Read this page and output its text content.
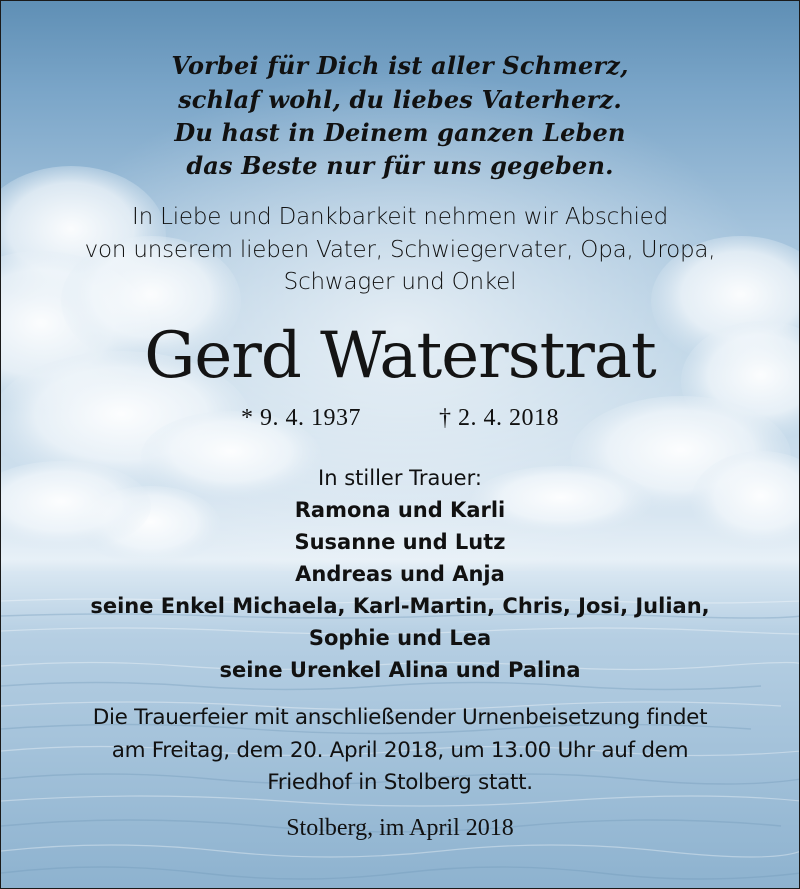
Vorbei für Dich ist aller Schmerz,
schlaf wohl, du liebes Vaterherz.
Du hast in Deinem ganzen Leben
das Beste nur für uns gegeben.
In Liebe und Dankbarkeit nehmen wir Abschied
von unserem lieben Vater, Schwiegervater, Opa, Uropa,
Schwager und Onkel
Gerd Waterstrat
* 9. 4. 1937	† 2. 4. 2018
In stiller Trauer:
Ramona und Karli
Susanne und Lutz
Andreas und Anja
seine Enkel Michaela, Karl-Martin, Chris, Josi, Julian,
Sophie und Lea
seine Urenkel Alina und Palina
Die Trauerfeier mit anschließender Urnenbeisetzung findet
am Freitag, dem 20. April 2018, um 13.00 Uhr auf dem
Friedhof in Stolberg statt.
Stolberg, im April 2018
